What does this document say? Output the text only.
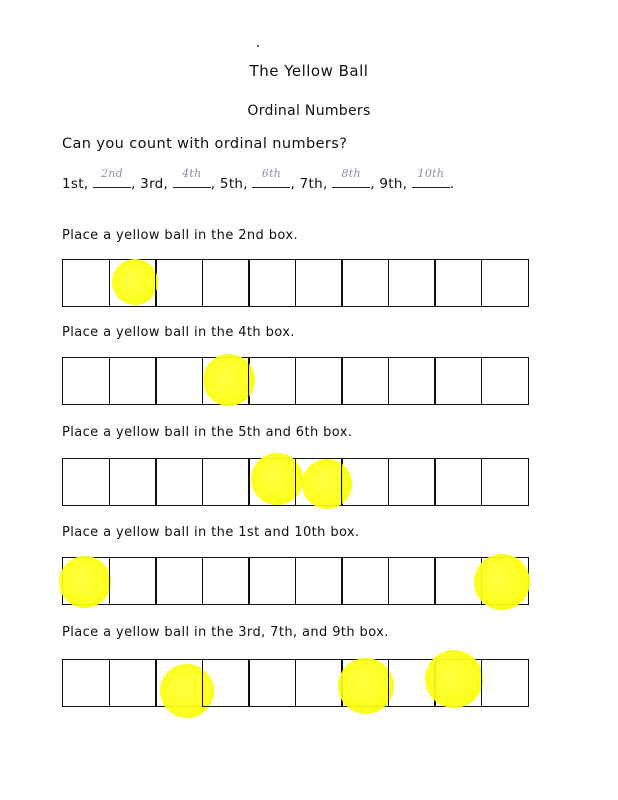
The Yellow Ball
Ordinal Numbers
Can you count with ordinal numbers?
1st,
2nd
, 3rd,
4th
, 5th,
6th
, 7th,
8th
, 9th,
10th
.
Place a yellow ball in the 2nd box.
Place a yellow ball in the 4th box.
Place a yellow ball in the 5th and 6th box.
Place a yellow ball in the 1st and 10th box.
Place a yellow ball in the 3rd, 7th, and 9th box.
